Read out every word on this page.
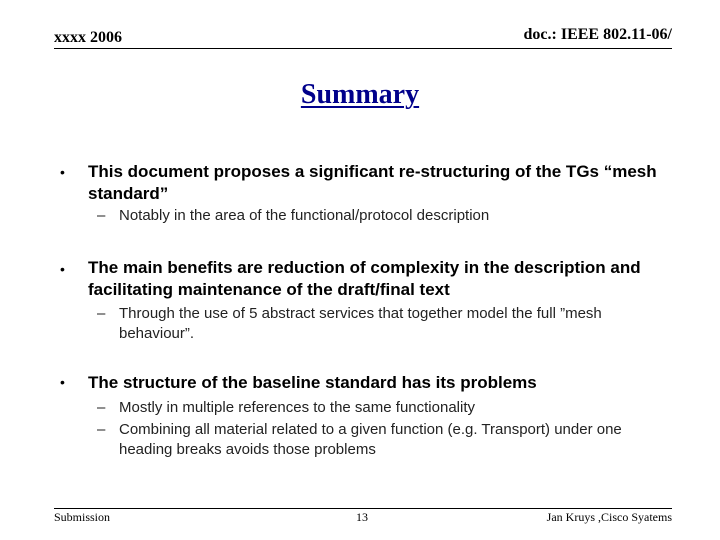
xxxx 2006	doc.: IEEE 802.11-06/
Summary
• This document proposes a significant re-structuring of the TGs “mesh standard”
– Notably in the area of the functional/protocol description
• The main benefits are reduction of complexity in the description and facilitating maintenance of the draft/final text
– Through the use of 5 abstract services that together model the full ”mesh behaviour”.
• The structure of the baseline standard has its problems
– Mostly in multiple references to the same functionality
– Combining all material related to a given function (e.g. Transport) under one heading breaks avoids those problems
Submission	13	Jan Kruys ,Cisco Syatems
